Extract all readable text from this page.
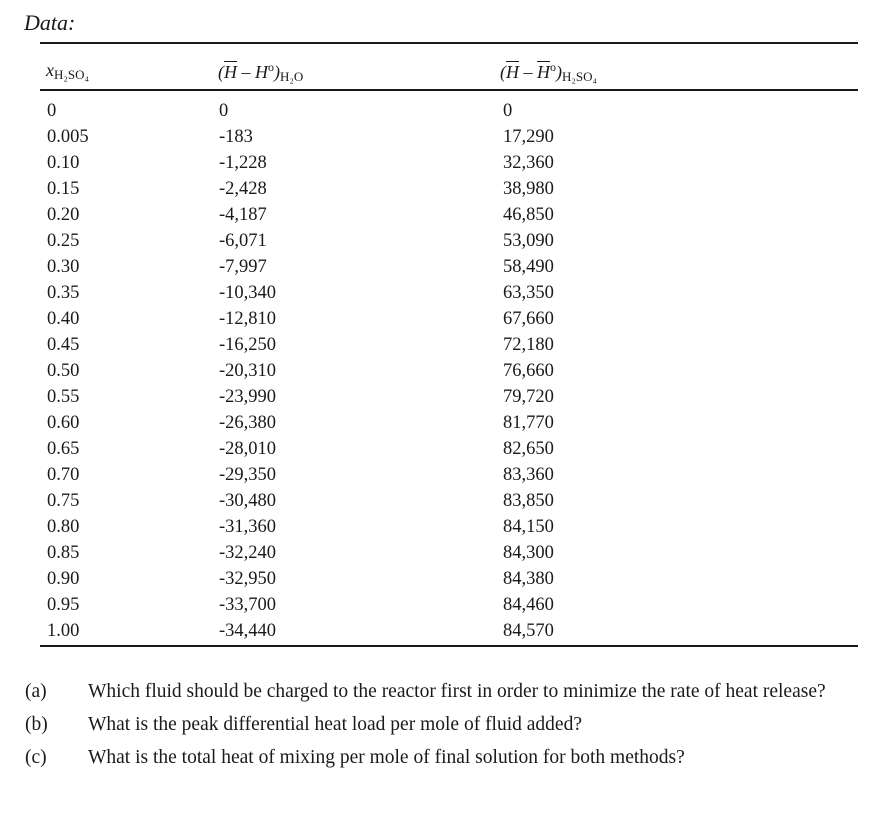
Data:
$x_{H_2SO_4}$	$(\overline{H} - H^o)_{H_2O}$	$(\overline{H} - \overline{H}^o)_{H_2SO_4}$
0	0	0
0.005	-183	17,290
0.10	-1,228	32,360
0.15	-2,428	38,980
0.20	-4,187	46,850
0.25	-6,071	53,090
0.30	-7,997	58,490
0.35	-10,340	63,350
0.40	-12,810	67,660
0.45	-16,250	72,180
0.50	-20,310	76,660
0.55	-23,990	79,720
0.60	-26,380	81,770
0.65	-28,010	82,650
0.70	-29,350	83,360
0.75	-30,480	83,850
0.80	-31,360	84,150
0.85	-32,240	84,300
0.90	-32,950	84,380
0.95	-33,700	84,460
1.00	-34,440	84,570
(a) Which fluid should be charged to the reactor first in order to minimize the rate of heat release?
(b) What is the peak differential heat load per mole of fluid added?
(c) What is the total heat of mixing per mole of final solution for both methods?
